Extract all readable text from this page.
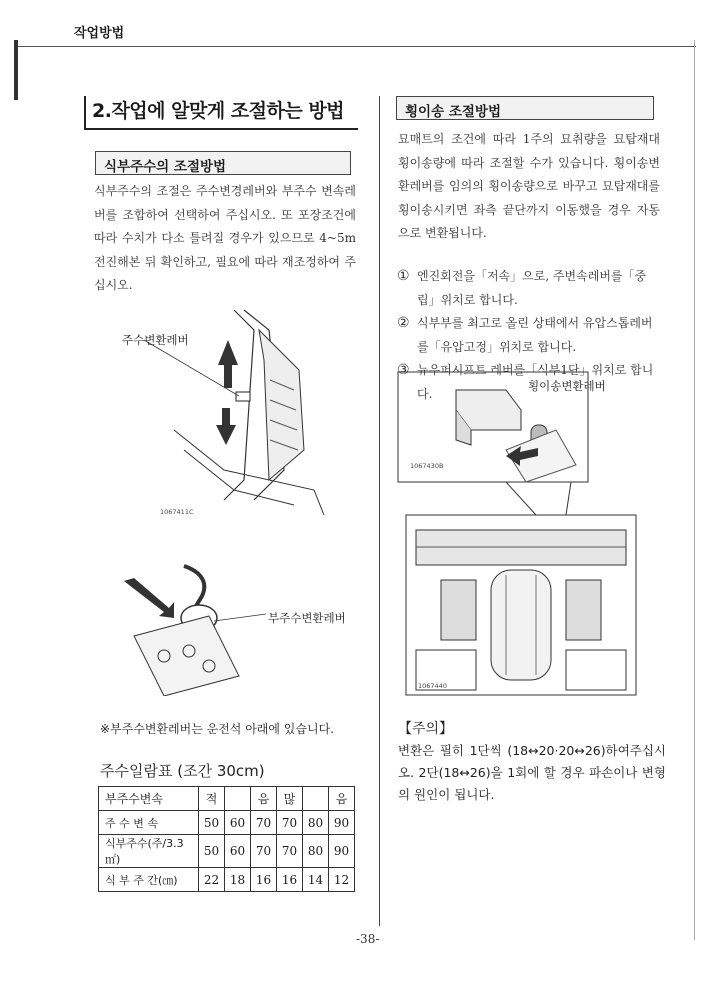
작업방법
2.작업에 알맞게 조절하는 방법
식부주수의 조절방법
식부주수의 조절은 주수변경레버와 부주수 변속레버를 조합하여 선택하여 주십시오. 또 포장조건에 따라 수치가 다소 틀려질 경우가 있으므로 4~5m 전진해본 뒤 확인하고, 필요에 따라 재조정하여 주십시오.
주수변환레버
1067411C
부주수변환레버
※부주수변환레버는 운전석 아래에 있습니다.
주수일람표 (조간 30cm)
부주수변속	적		음	많		음
주 수 변 속	50	60	70	70	80	90
식부주수(주/3.3㎡)	50	60	70	70	80	90
식 부 주 간(㎝)	22	18	16	16	14	12
횡이송 조절방법
묘매트의 조건에 따라 1주의 묘취량을 묘탑재대 횡이송량에 따라 조절할 수가 있습니다. 횡이송변환레버를 임의의 횡이송량으로 바꾸고 묘탑재대를 횡이송시키면 좌측 끝단까지 이동했을 경우 자동으로 변환됩니다.
① 엔진회전을「저속」으로, 주변속레버를「중립」위치로 합니다.
② 식부부를 최고로 올린 상태에서 유압스톱레버를「유압고정」위치로 합니다.
③ 뉴우퍼시프트 레버를「식부1단」위치로 합니다.
횡이송변환레버
1067430B
1067440
【주의】
변환은 필히 1단씩 (18↔20·20↔26)하여주십시오. 2단(18↔26)을 1회에 할 경우 파손이나 변형의 원인이 됩니다.
-38-
